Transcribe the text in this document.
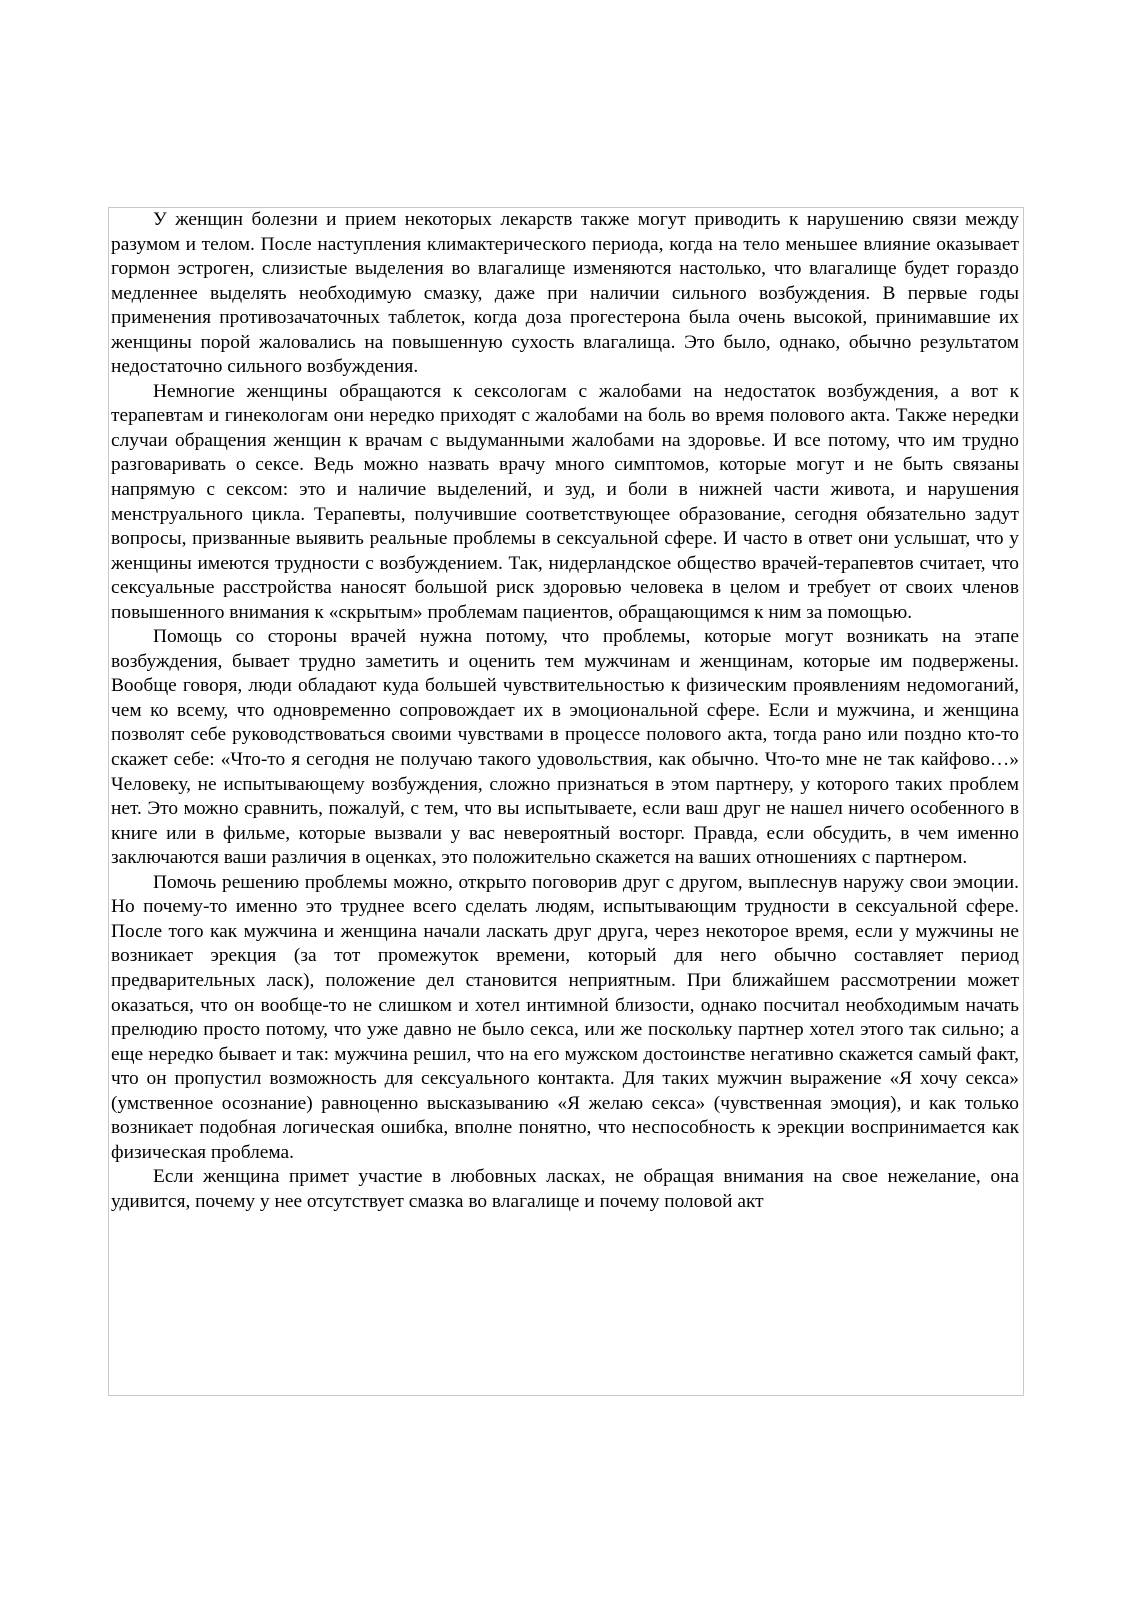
У женщин болезни и прием некоторых лекарств также могут приводить к нарушению связи между разумом и телом. После наступления климактерического периода, когда на тело меньшее влияние оказывает гормон эстроген, слизистые выделения во влагалище изменяются настолько, что влагалище будет гораздо медленнее выделять необходимую смазку, даже при наличии сильного возбуждения. В первые годы применения противозачаточных таблеток, когда доза прогестерона была очень высокой, принимавшие их женщины порой жаловались на повышенную сухость влагалища. Это было, однако, обычно результатом недостаточно сильного возбуждения.

Немногие женщины обращаются к сексологам с жалобами на недостаток возбуждения, а вот к терапевтам и гинекологам они нередко приходят с жалобами на боль во время полового акта. Также нередки случаи обращения женщин к врачам с выдуманными жалобами на здоровье. И все потому, что им трудно разговаривать о сексе. Ведь можно назвать врачу много симптомов, которые могут и не быть связаны напрямую с сексом: это и наличие выделений, и зуд, и боли в нижней части живота, и нарушения менструального цикла. Терапевты, получившие соответствующее образование, сегодня обязательно задут вопросы, призванные выявить реальные проблемы в сексуальной сфере. И часто в ответ они услышат, что у женщины имеются трудности с возбуждением. Так, нидерландское общество врачей-терапевтов считает, что сексуальные расстройства наносят большой риск здоровью человека в целом и требует от своих членов повышенного внимания к «скрытым» проблемам пациентов, обращающимся к ним за помощью.

Помощь со стороны врачей нужна потому, что проблемы, которые могут возникать на этапе возбуждения, бывает трудно заметить и оценить тем мужчинам и женщинам, которые им подвержены. Вообще говоря, люди обладают куда большей чувствительностью к физическим проявлениям недомоганий, чем ко всему, что одновременно сопровождает их в эмоциональной сфере. Если и мужчина, и женщина позволят себе руководствоваться своими чувствами в процессе полового акта, тогда рано или поздно кто-то скажет себе: «Что-то я сегодня не получаю такого удовольствия, как обычно. Что-то мне не так кайфово…» Человеку, не испытывающему возбуждения, сложно признаться в этом партнеру, у которого таких проблем нет. Это можно сравнить, пожалуй, с тем, что вы испытываете, если ваш друг не нашел ничего особенного в книге или в фильме, которые вызвали у вас невероятный восторг. Правда, если обсудить, в чем именно заключаются ваши различия в оценках, это положительно скажется на ваших отношениях с партнером.

Помочь решению проблемы можно, открыто поговорив друг с другом, выплеснув наружу свои эмоции. Но почему-то именно это труднее всего сделать людям, испытывающим трудности в сексуальной сфере. После того как мужчина и женщина начали ласкать друг друга, через некоторое время, если у мужчины не возникает эрекция (за тот промежуток времени, который для него обычно составляет период предварительных ласк), положение дел становится неприятным. При ближайшем рассмотрении может оказаться, что он вообще-то не слишком и хотел интимной близости, однако посчитал необходимым начать прелюдию просто потому, что уже давно не было секса, или же поскольку партнер хотел этого так сильно; а еще нередко бывает и так: мужчина решил, что на его мужском достоинстве негативно скажется самый факт, что он пропустил возможность для сексуального контакта. Для таких мужчин выражение «Я хочу секса» (умственное осознание) равноценно высказыванию «Я желаю секса» (чувственная эмоция), и как только возникает подобная логическая ошибка, вполне понятно, что неспособность к эрекции воспринимается как физическая проблема.

Если женщина примет участие в любовных ласках, не обращая внимания на свое нежелание, она удивится, почему у нее отсутствует смазка во влагалище и почему половой акт
